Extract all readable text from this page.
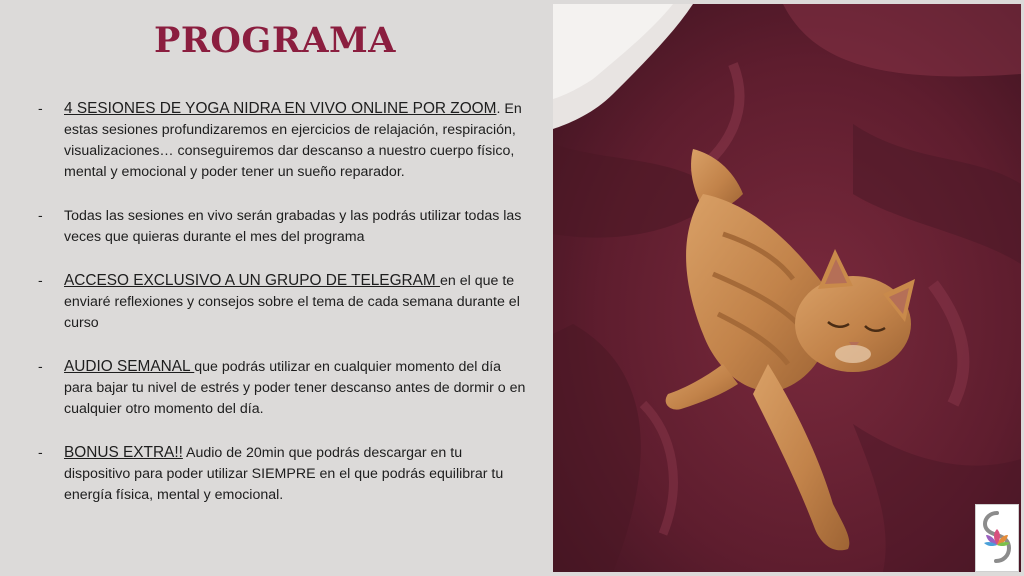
PROGRAMA
- 4 SESIONES DE YOGA NIDRA EN VIVO ONLINE POR ZOOM. En estas sesiones profundizaremos en ejercicios de relajación, respiración, visualizaciones… conseguiremos dar descanso a nuestro cuerpo físico, mental y emocional y poder tener un sueño reparador.
- Todas las sesiones en vivo serán grabadas y las podrás utilizar todas las veces que quieras durante el mes del programa
- ACCESO EXCLUSIVO A UN GRUPO DE TELEGRAM en el que te enviaré reflexiones y consejos sobre el tema de cada semana durante el curso
- AUDIO SEMANAL que podrás utilizar en cualquier momento del día para bajar tu nivel de estrés y poder tener descanso antes de dormir o en cualquier otro momento del día.
- BONUS EXTRA!! Audio de 20min que podrás descargar en tu dispositivo para poder utilizar SIEMPRE en el que podrás equilibrar tu energía física, mental y emocional.
